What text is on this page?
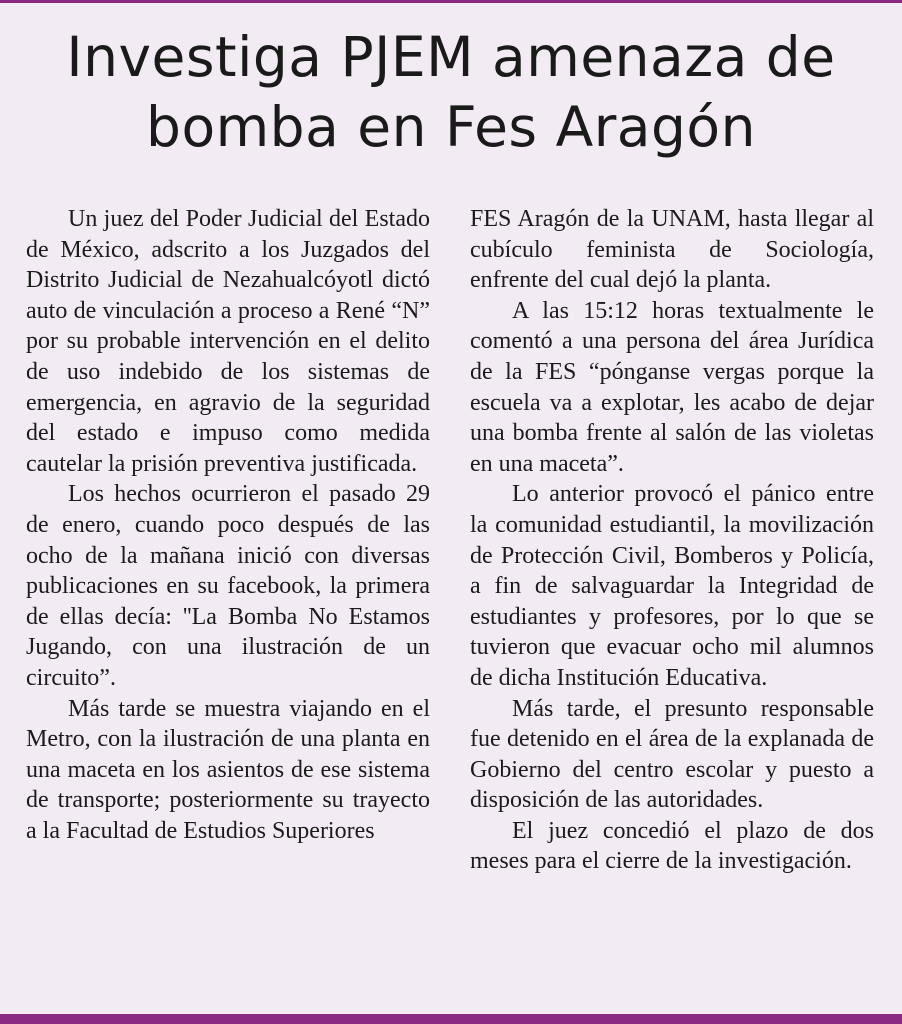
Investiga PJEM amenaza de bomba en Fes Aragón

Un juez del Poder Judicial del Estado de México, adscrito a los Juzgados del Distrito Judicial de Nezahualcóyotl dictó auto de vinculación a proceso a René “N” por su probable intervención en el delito de uso indebido de los sistemas de emergencia, en agravio de la seguridad del estado e impuso como medida cautelar la prisión preventiva justificada.

Los hechos ocurrieron el pasado 29 de enero, cuando poco después de las ocho de la mañana inició con diversas publicaciones en su facebook, la primera de ellas decía: ''La Bomba No Estamos Jugando, con una ilustración de un circuito”.

Más tarde se muestra viajando en el Metro, con la ilustración de una planta en una maceta en los asientos de ese sistema de transporte; posteriormente su trayecto a la Facultad de Estudios Superiores

FES Aragón de la UNAM, hasta llegar al cubículo feminista de Sociología, enfrente del cual dejó la planta.

A las 15:12 horas textualmente le comentó a una persona del área Jurídica de la FES “pónganse vergas porque la escuela va a explotar, les acabo de dejar una bomba frente al salón de las violetas en una maceta”.

Lo anterior provocó el pánico entre la comunidad estudiantil, la movilización de Protección Civil, Bomberos y Policía, a fin de salvaguardar la Integridad de estudiantes y profesores, por lo que se tuvieron que evacuar ocho mil alumnos de dicha Institución Educativa.

Más tarde, el presunto responsable fue detenido en el área de la explanada de Gobierno del centro escolar y puesto a disposición de las autoridades.

El juez concedió el plazo de dos meses para el cierre de la investigación.
